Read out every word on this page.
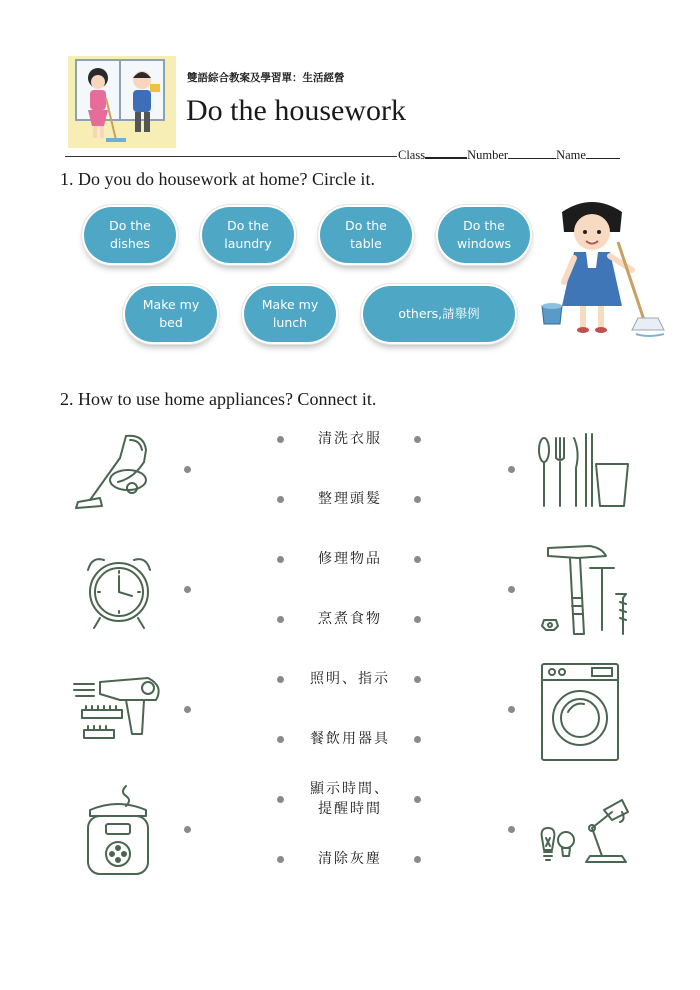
雙語綜合教案及學習單：生活經營
Do the housework
Class	Number	Name
1. Do you do housework at home? Circle it.
Do the
dishes
Do the
laundry
Do the
table
Do the
windows
Make my
bed
Make my
lunch
others,請舉例
2. How to use home appliances? Connect it.
清洗衣服
整理頭髮
修理物品
烹煮食物
照明、指示
餐飲用器具
顯示時間、
提醒時間
清除灰塵
